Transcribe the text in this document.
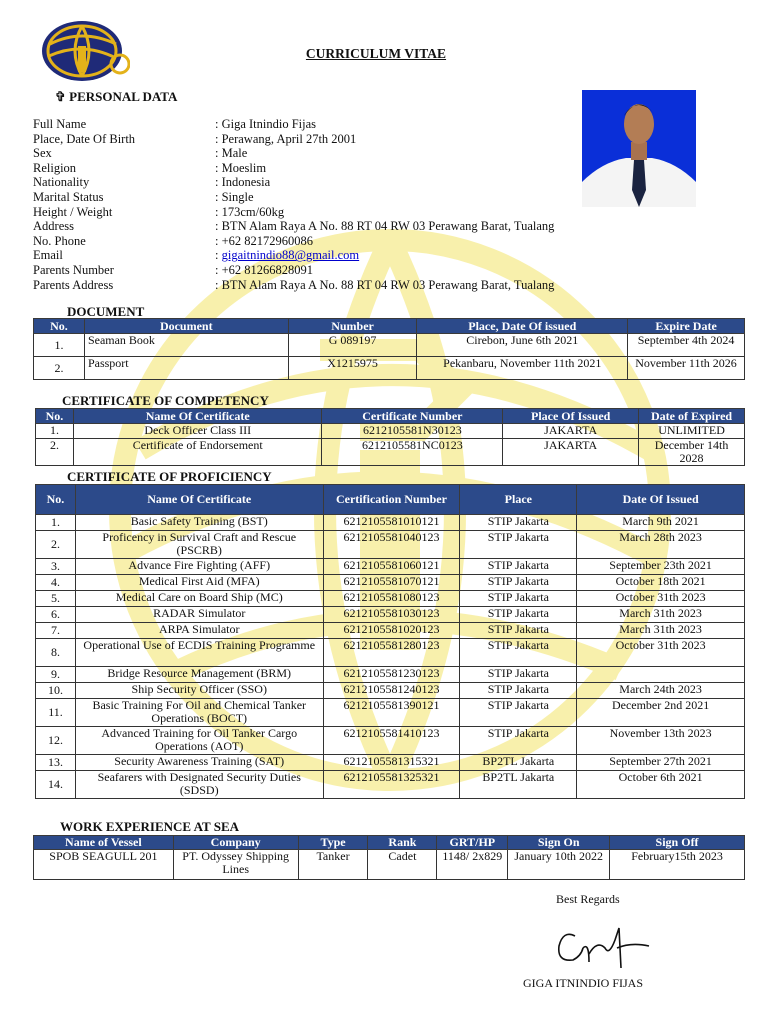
CURRICULUM VITAE
✞ PERSONAL DATA
Full Name	: Giga Itnindio Fijas
Place, Date Of Birth	: Perawang, April 27th 2001
Sex	: Male
Religion	: Moeslim
Nationality	: Indonesia
Marital Status	: Single
Height / Weight	: 173cm/60kg
Address	: BTN Alam Raya A No. 88 RT 04 RW 03 Perawang Barat, Tualang
No. Phone	: +62 82172960086
Email	: gigaitnindio88@gmail.com
Parents Number	: +62 81266828091
Parents Address	: BTN Alam Raya A No. 88 RT 04 RW 03 Perawang Barat, Tualang
DOCUMENT
No.	Document	Number	Place, Date Of issued	Expire Date
1.	Seaman Book	G 089197	Cirebon, June 6th 2021	September 4th 2024
2.	Passport	X1215975	Pekanbaru, November 11th 2021	November 11th 2026
CERTIFICATE OF COMPETENCY
No.	Name Of Certificate	Certificate Number	Place Of Issued	Date of Expired
1.	Deck Officer Class III	6212105581N30123	JAKARTA	UNLIMITED
2.	Certificate of Endorsement	6212105581NC0123	JAKARTA	December 14th 2028
CERTIFICATE OF PROFICIENCY
No.	Name Of Certificate	Certification Number	Place	Date Of Issued
1.	Basic Safety Training (BST)	6212105581010121	STIP Jakarta	March 9th 2021
2.	Proficency in Survival Craft and Rescue (PSCRB)	6212105581040123	STIP Jakarta	March 28th 2023
3.	Advance Fire Fighting (AFF)	6212105581060121	STIP Jakarta	September 23th 2021
4.	Medical First Aid (MFA)	6212105581070121	STIP Jakarta	October 18th 2021
5.	Medical Care on Board Ship (MC)	6212105581080123	STIP Jakarta	October 31th 2023
6.	RADAR Simulator	6212105581030123	STIP Jakarta	March 31th 2023
7.	ARPA Simulator	6212105581020123	STIP Jakarta	March 31th 2023
8.	Operational Use of ECDIS Training Programme	6212105581280123	STIP Jakarta	October 31th 2023
9.	Bridge Resource Management (BRM)	6212105581230123	STIP Jakarta	
10.	Ship Security Officer (SSO)	6212105581240123	STIP Jakarta	March 24th 2023
11.	Basic Training For Oil and Chemical Tanker Operations (BOCT)	6212105581390121	STIP Jakarta	December 2nd 2021
12.	Advanced Training for Oil Tanker Cargo Operations (AOT)	6212105581410123	STIP Jakarta	November 13th 2023
13.	Security Awareness Training (SAT)	6212105581315321	BP2TL Jakarta	September 27th 2021
14.	Seafarers with Designated Security Duties (SDSD)	6212105581325321	BP2TL Jakarta	October 6th 2021
WORK EXPERIENCE AT SEA
Name of Vessel	Company	Type	Rank	GRT/HP	Sign On	Sign Off
SPOB SEAGULL 201	PT. Odyssey Shipping Lines	Tanker	Cadet	1148/ 2x829	January 10th 2022	February15th 2023
Best Regards
GIGA ITNINDIO FIJAS
